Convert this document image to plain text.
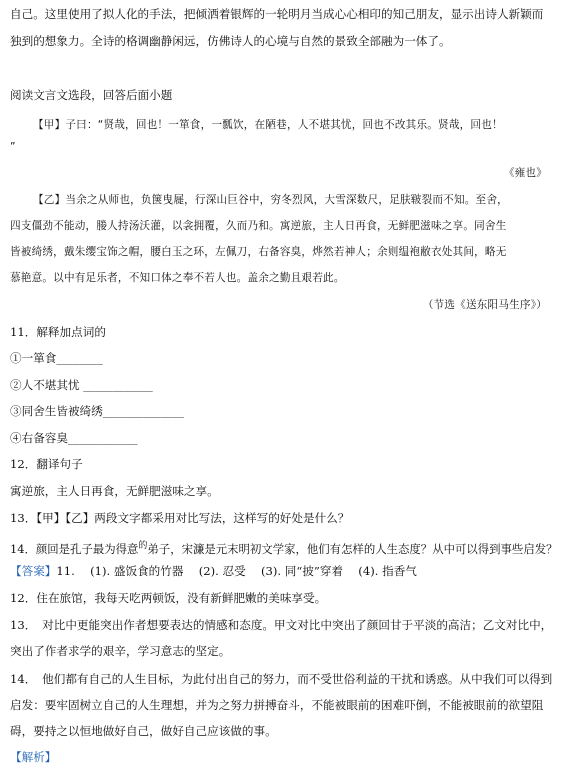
自己。这里使用了拟人化的手法，把倾洒着银辉的一轮明月当成心心相印的知己朋友，显示出诗人新颖而
独到的想象力。全诗的格调幽静闲远，仿佛诗人的心境与自然的景致全部融为一体了。
阅读文言文选段，回答后面小题
【甲】子曰：“贤哉，回也！一箪食，一瓢饮，在陋巷，人不堪其忧，回也不改其乐。贤哉，回也！
”
《雍也》
【乙】当余之从师也，负箧曳屣，行深山巨谷中，穷冬烈风，大雪深数尺，足肤皲裂而不知。至舍，
四支僵劲不能动，媵人持汤沃灌，以衾拥覆，久而乃和。寓逆旅，主人日再食，无鲜肥滋味之享。同舍生
皆被绮绣，戴朱缨宝饰之帽，腰白玉之环，左佩刀，右备容臭，烨然若神人；余则缊袍敝衣处其间，略无
慕艳意。以中有足乐者，不知口体之奉不若人也。盖余之勤且艰若此。
（节选《送东阳马生序》）
11．解释加点词的
①一箪食________
②人不堪其忧 ____________
③同舍生皆被绮绣______________
④右备容臭____________
12．翻译句子
寓逆旅，主人日再食，无鲜肥滋味之享。
13．【甲】【乙】两段文字都采用对比写法，这样写的好处是什么？
14．颜回是孔子最为得意$^的$弟子，宋濂是元末明初文学家，他们有怎样的人生态度？从中可以得到事些启发？
【答案】11.　 (1). 盛饭食的竹器　 (2). 忍受　 (3). 同“披”穿着　 (4). 指香气
12．住在旅馆，我每天吃两顿饭，没有新鲜肥嫩的美味享受。
13．　对比中更能突出作者想要表达的情感和态度。甲文对比中突出了颜回甘于平淡的高洁；乙文对比中，
突出了作者求学的艰辛，学习意志的坚定。
14．　他们都有自己的人生目标，为此付出自己的努力，而不受世俗利益的干扰和诱惑。从中我们可以得到
启发：要牢固树立自己的人生理想，并为之努力拼搏奋斗，不能被眼前的困难吓倒，不能被眼前的欲望阻
碍，要持之以恒地做好自己，做好自己应该做的事。
【解析】
